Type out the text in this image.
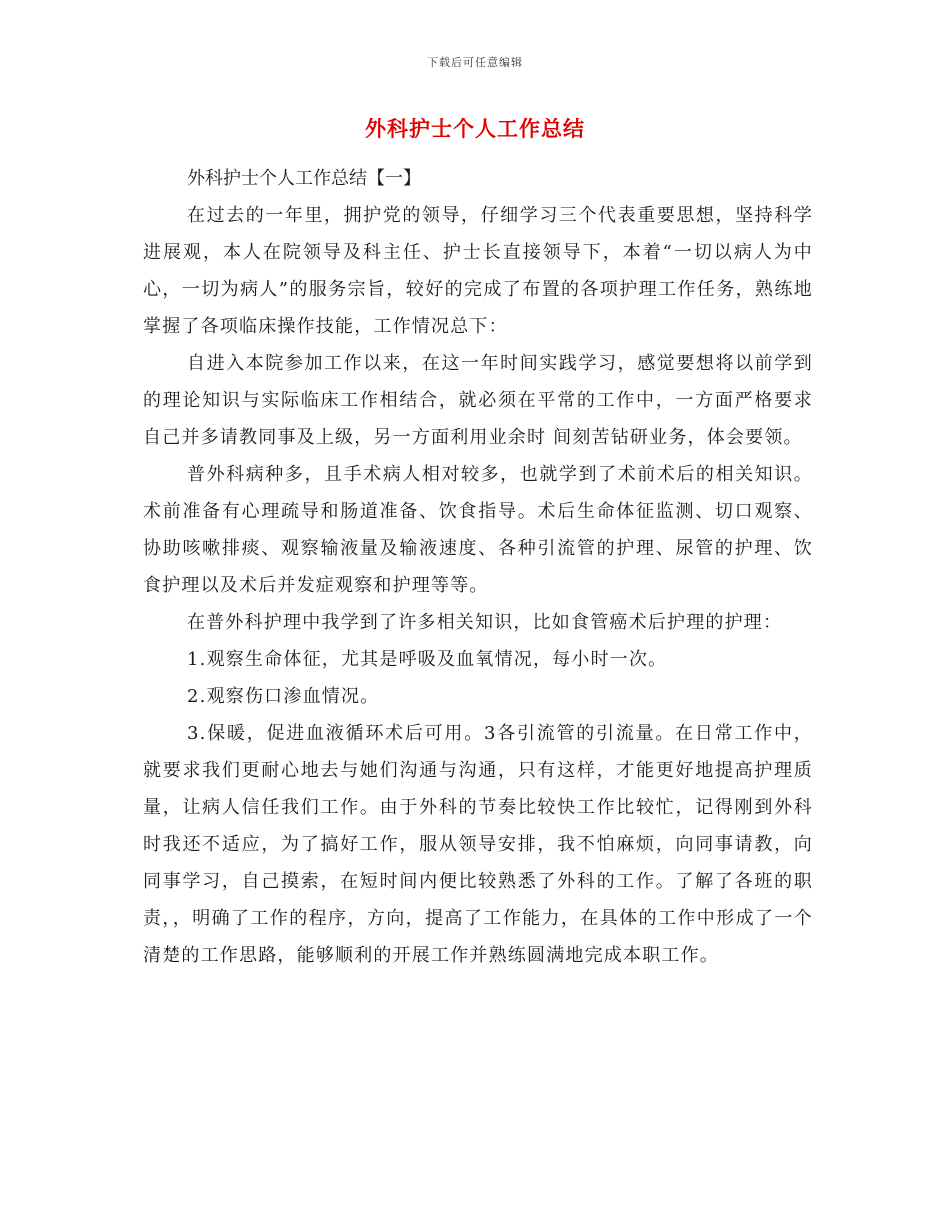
下载后可任意编辑
外科护士个人工作总结

外科护士个人工作总结【一】

在过去的一年里，拥护党的领导，仔细学习三个代表重要思想，坚持科学进展观，本人在院领导及科主任、护士长直接领导下，本着“一切以病人为中心，一切为病人”的服务宗旨，较好的完成了布置的各项护理工作任务，熟练地掌握了各项临床操作技能，工作情况总下：

自进入本院参加工作以来，在这一年时间实践学习，感觉要想将以前学到的理论知识与实际临床工作相结合，就必须在平常的工作中，一方面严格要求自己并多请教同事及上级，另一方面利用业余时 间刻苦钻研业务，体会要领。

普外科病种多，且手术病人相对较多，也就学到了术前术后的相关知识。术前准备有心理疏导和肠道准备、饮食指导。术后生命体征监测、切口观察、协助咳嗽排痰、观察输液量及输液速度、各种引流管的护理、尿管的护理、饮食护理以及术后并发症观察和护理等等。

在普外科护理中我学到了许多相关知识，比如食管癌术后护理的护理：

1.观察生命体征，尤其是呼吸及血氧情况，每小时一次。

2.观察伤口渗血情况。

3.保暖，促进血液循环术后可用。3各引流管的引流量。在日常工作中，就要求我们更耐心地去与她们沟通与沟通，只有这样，才能更好地提高护理质量，让病人信任我们工作。由于外科的节奏比较快工作比较忙，记得刚到外科时我还不适应，为了搞好工作，服从领导安排，我不怕麻烦，向同事请教，向同事学习，自己摸索，在短时间内便比较熟悉了外科的工作。了解了各班的职责，，明确了工作的程序，方向，提高了工作能力，在具体的工作中形成了一个清楚的工作思路，能够顺利的开展工作并熟练圆满地完成本职工作。
